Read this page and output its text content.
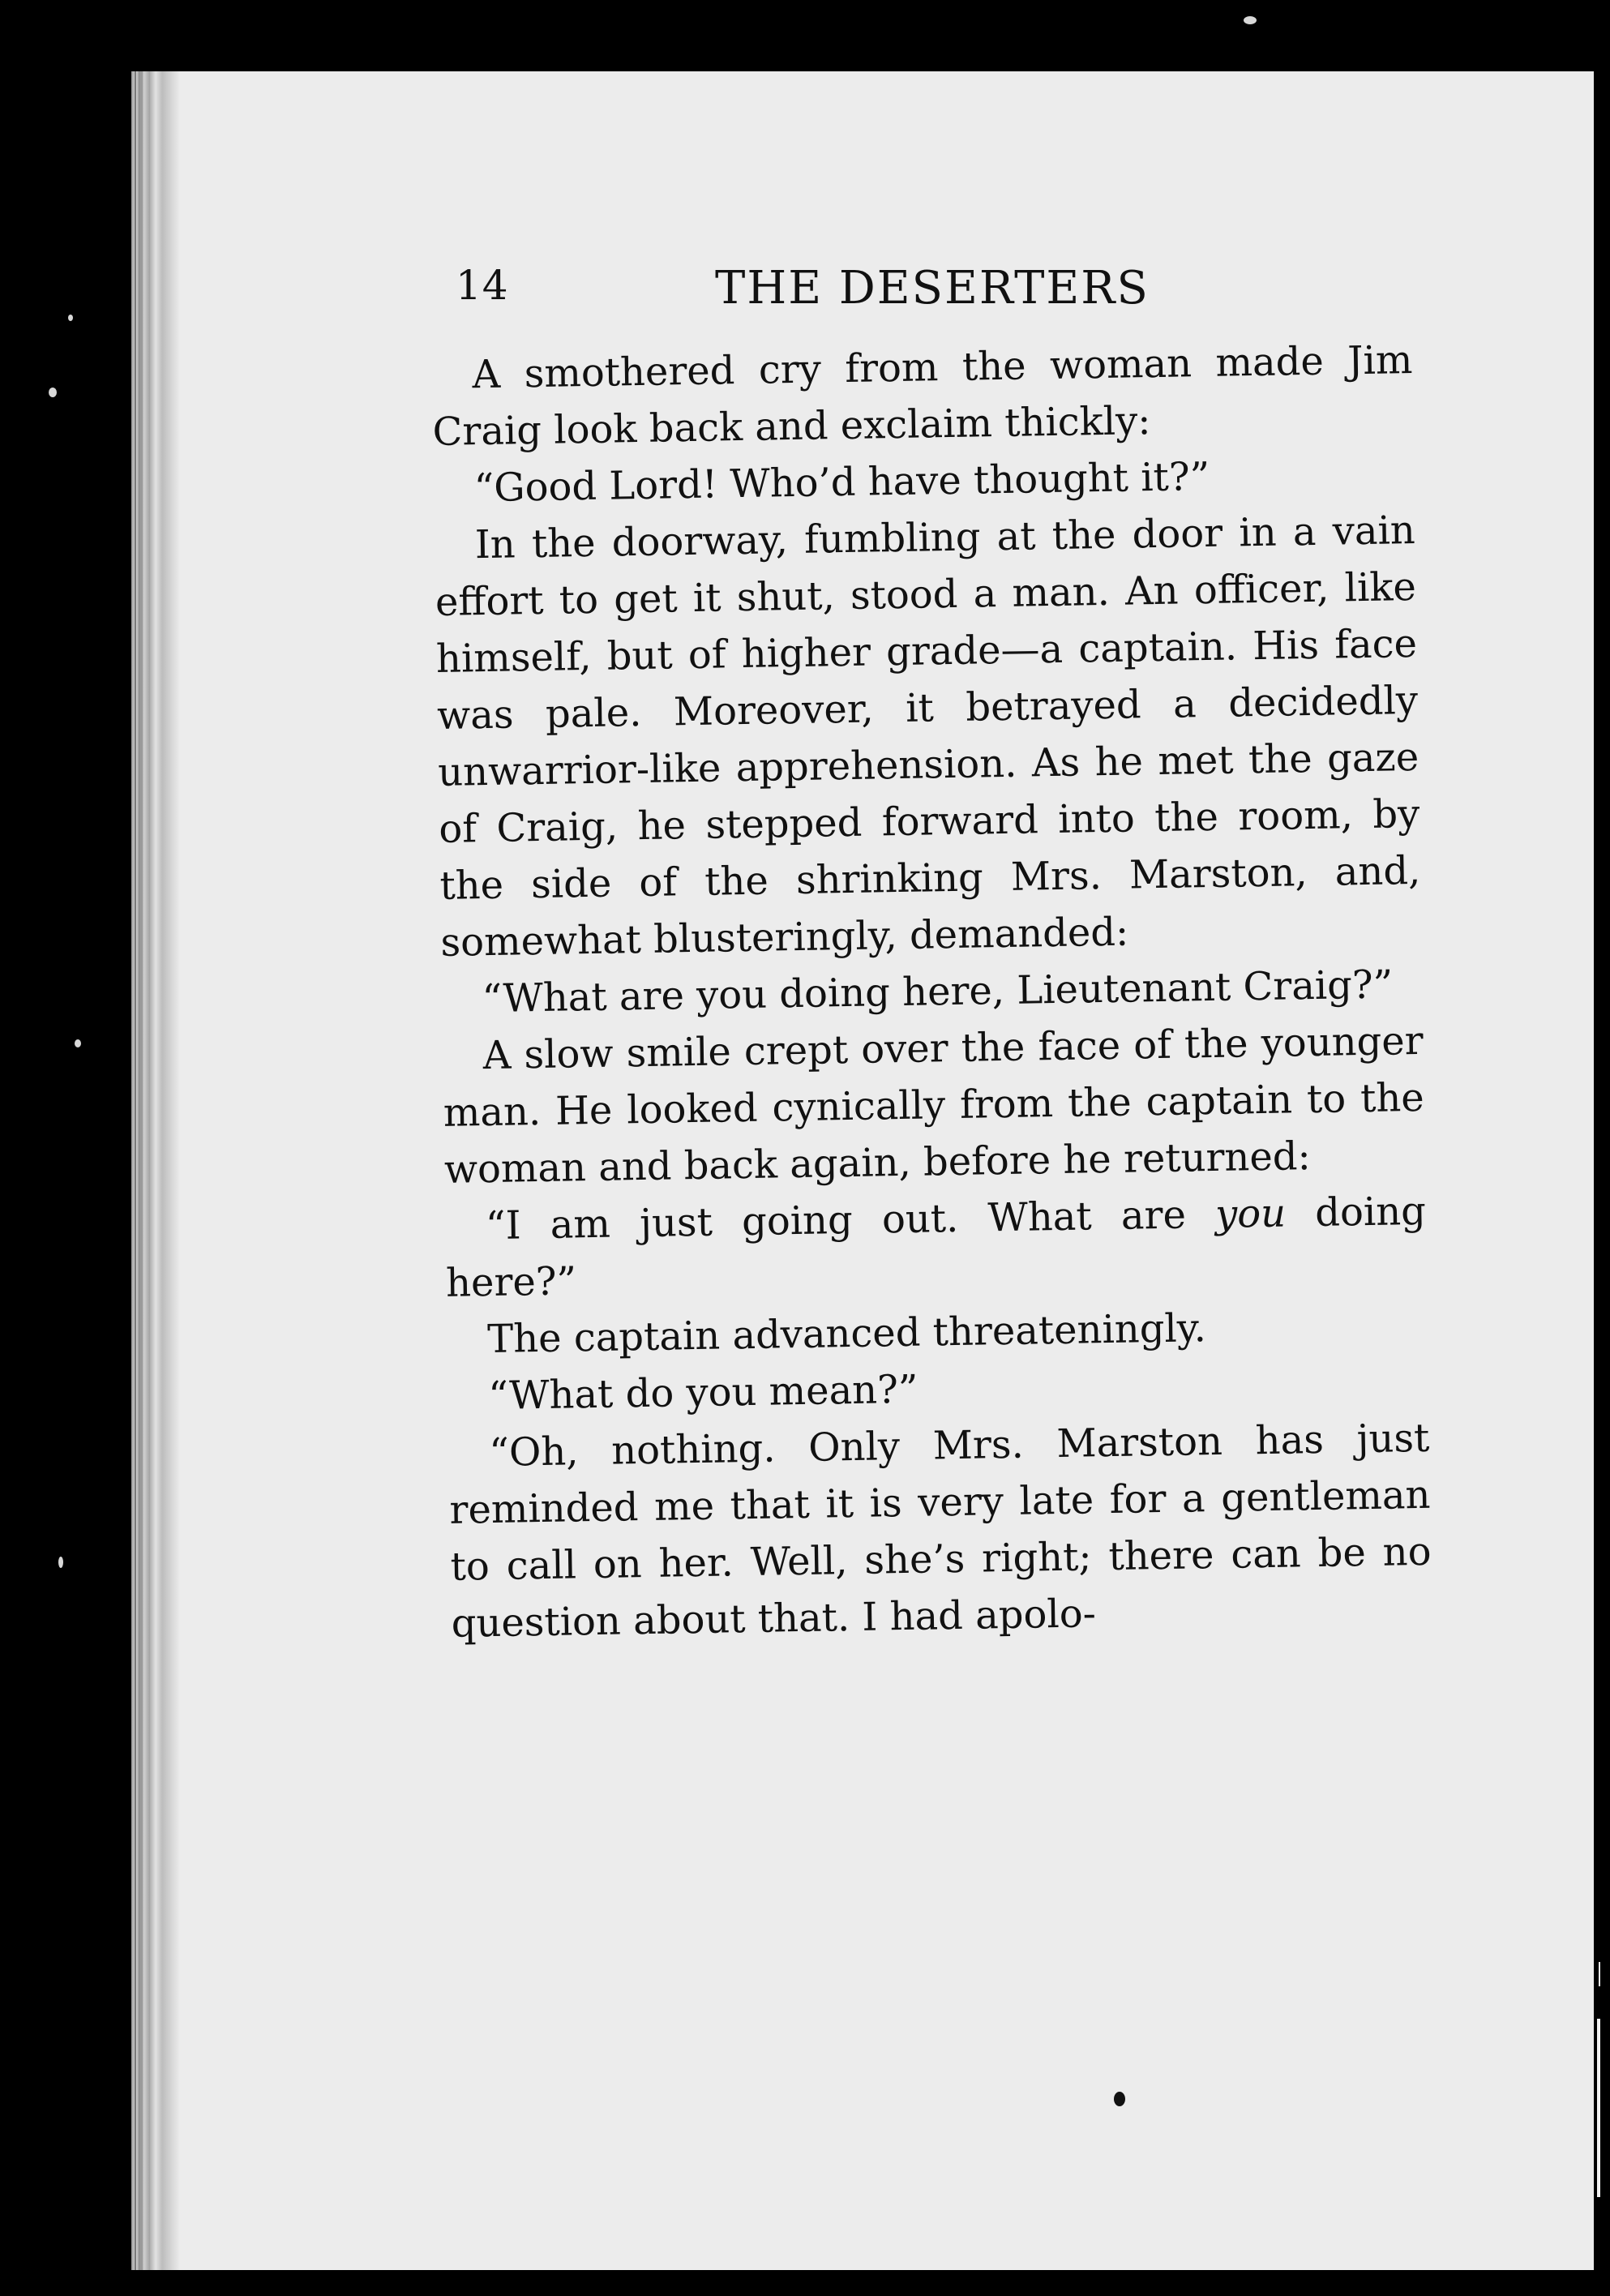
14	THE DESERTERS

A smothered cry from the woman made Jim Craig look back and exclaim thickly:

“Good Lord! Who’d have thought it?”

In the doorway, fumbling at the door in a vain effort to get it shut, stood a man. An officer, like himself, but of higher grade—a captain. His face was pale. Moreover, it betrayed a decidedly unwarrior-like apprehension. As he met the gaze of Craig, he stepped forward into the room, by the side of the shrinking Mrs. Marston, and, somewhat blusteringly, demanded:

“What are you doing here, Lieutenant Craig?”

A slow smile crept over the face of the younger man. He looked cynically from the captain to the woman and back again, before he returned:

“I am just going out. What are you doing here?”

The captain advanced threateningly.

“What do you mean?”

“Oh, nothing. Only Mrs. Marston has just reminded me that it is very late for a gentleman to call on her. Well, she’s right; there can be no question about that. I had apolo-
